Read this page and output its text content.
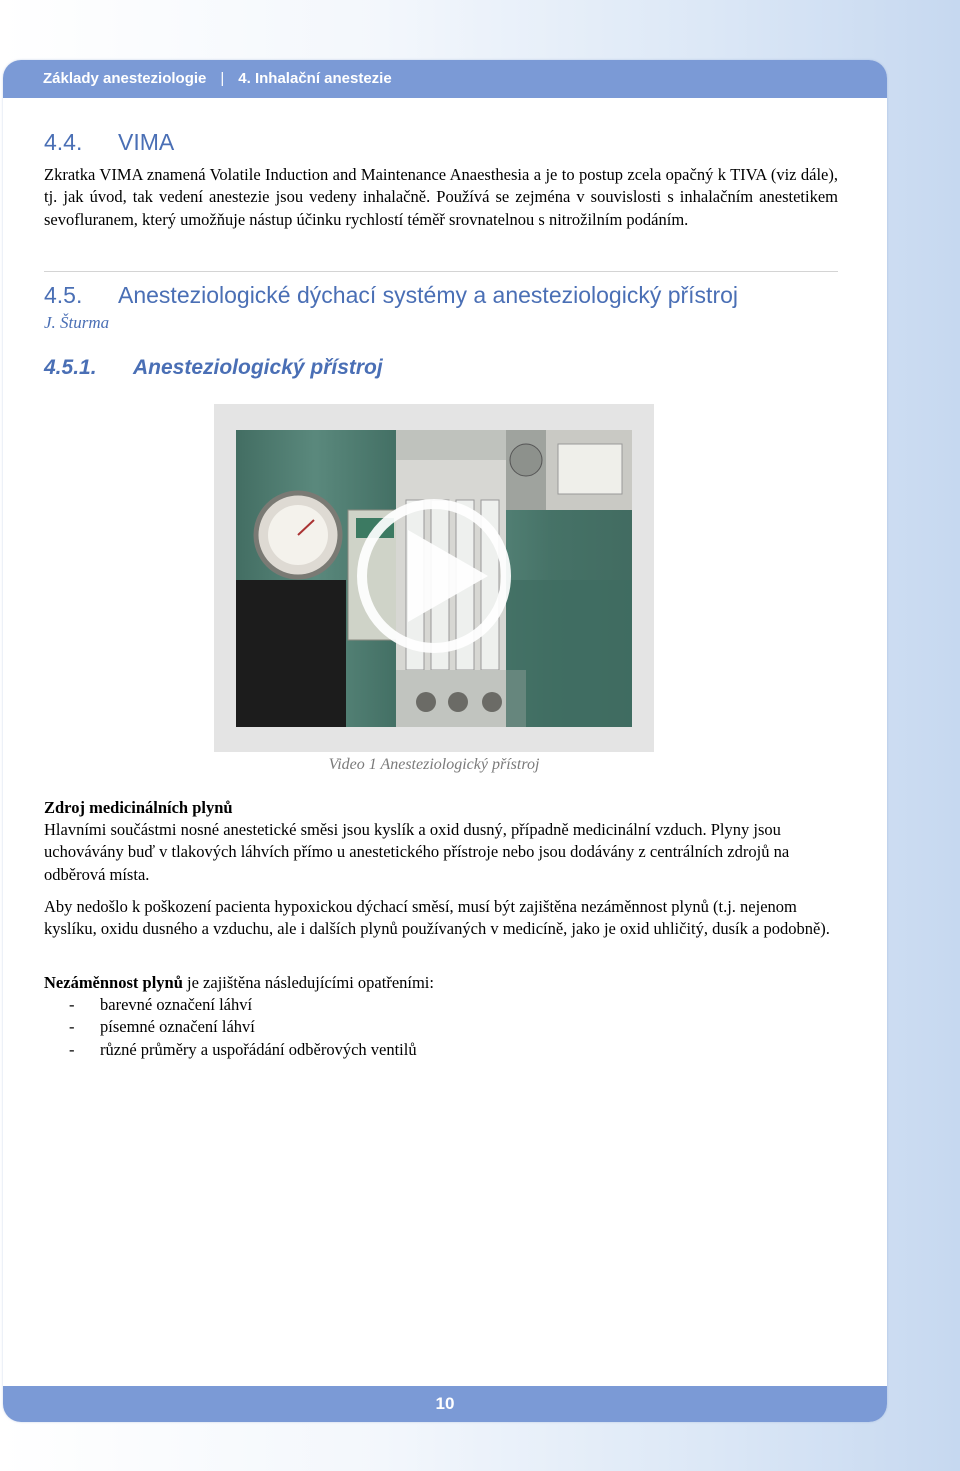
Základy anesteziologie | 4. Inhalační anestezie
4.4. VIMA
Zkratka VIMA znamená Volatile Induction and Maintenance Anaesthesia a je to postup zcela opačný k TIVA (viz dále), tj. jak úvod, tak vedení anestezie jsou vedeny inhalačně. Používá se zejména v souvislosti s inhalačním anestetikem sevofluranem, který umožňuje nástup účinku rychlostí téměř srovnatelnou s nitrožilním podáním.
4.5. Anesteziologické dýchací systémy a anesteziologický přístroj
J. Šturma
4.5.1. Anesteziologický přístroj
Video 1 Anesteziologický přístroj
Zdroj medicinálních plynů
Hlavními součástmi nosné anestetické směsi jsou kyslík a oxid dusný, případně medicinální vzduch. Plyny jsou uchovávány buď v tlakových láhvích přímo u anestetického přístroje nebo jsou dodávány z centrálních zdrojů na odběrová místa.
Aby nedošlo k poškození pacienta hypoxickou dýchací směsí, musí být zajištěna nezáměnnost plynů (t.j. nejenom kyslíku, oxidu dusného a vzduchu, ale i dalších plynů používaných v medicíně, jako je oxid uhličitý, dusík a podobně).
Nezáměnnost plynů je zajištěna následujícími opatřeními:
- barevné označení láhví
- písemné označení láhví
- různé průměry a uspořádání odběrových ventilů
10
